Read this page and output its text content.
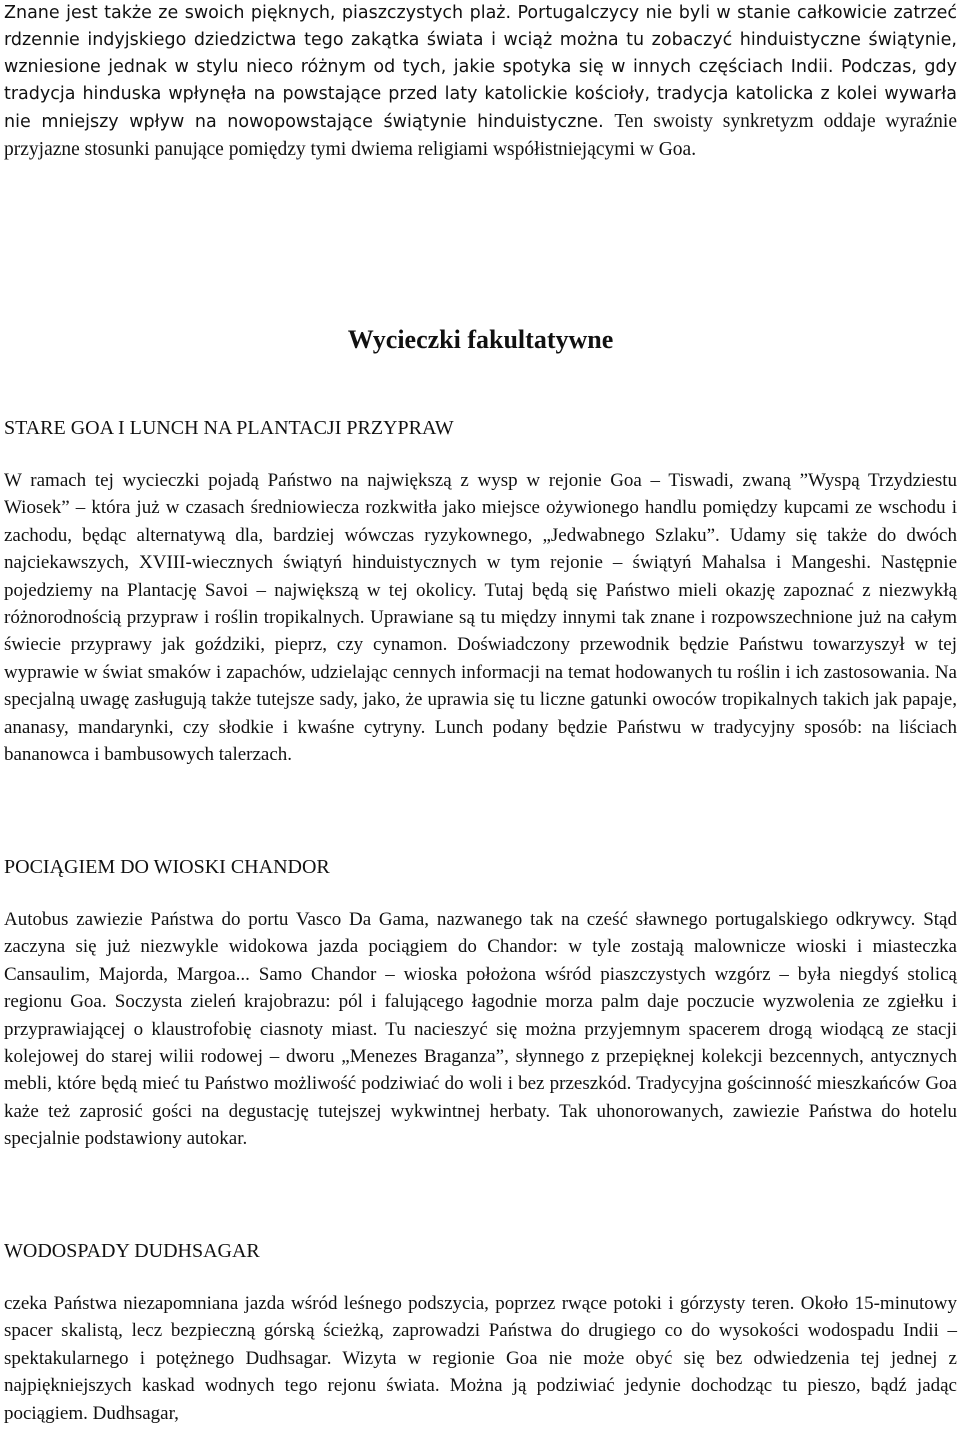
Znane jest także ze swoich pięknych, piaszczystych plaż. Portugalczycy nie byli w stanie całkowicie zatrzeć rdzennie indyjskiego dziedzictwa tego zakątka świata i wciąż można tu zobaczyć hinduistyczne świątynie, wzniesione jednak w stylu nieco różnym od tych, jakie spotyka się w innych częściach Indii. Podczas, gdy tradycja hinduska wpłynęła na powstające przed laty katolickie kościoły, tradycja katolicka z kolei wywarła nie mniejszy wpływ na nowopowstające świątynie hinduistyczne. Ten swoisty synkretyzm oddaje wyraźnie przyjazne stosunki panujące pomiędzy tymi dwiema religiami współistniejącymi w Goa.

Wycieczki fakultatywne

STARE GOA I LUNCH NA PLANTACJI PRZYPRAW

W ramach tej wycieczki pojadą Państwo na największą z wysp w rejonie Goa – Tiswadi, zwaną ”Wyspą Trzydziestu Wiosek” – która już w czasach średniowiecza rozkwitła jako miejsce ożywionego handlu pomiędzy kupcami ze wschodu i zachodu, będąc alternatywą dla, bardziej wówczas ryzykownego, „Jedwabnego Szlaku”. Udamy się także do dwóch najciekawszych, XVIII-wiecznych świątyń hinduistycznych w tym rejonie – świątyń Mahalsa i Mangeshi. Następnie pojedziemy na Plantację Savoi – największą w tej okolicy. Tutaj będą się Państwo mieli okazję zapoznać z niezwykłą różnorodnością przypraw i roślin tropikalnych. Uprawiane są tu między innymi tak znane i rozpowszechnione już na całym świecie przyprawy jak goździki, pieprz, czy cynamon. Doświadczony przewodnik będzie Państwu towarzyszył w tej wyprawie w świat smaków i zapachów, udzielając cennych informacji na temat hodowanych tu roślin i ich zastosowania. Na specjalną uwagę zasługują także tutejsze sady, jako, że uprawia się tu liczne gatunki owoców tropikalnych takich jak papaje, ananasy, mandarynki, czy słodkie i kwaśne cytryny. Lunch podany będzie Państwu w tradycyjny sposób: na liściach bananowca i bambusowych talerzach.

POCIĄGIEM DO WIOSKI CHANDOR

Autobus zawiezie Państwa do portu Vasco Da Gama, nazwanego tak na cześć sławnego portugalskiego odkrywcy. Stąd zaczyna się już niezwykle widokowa jazda pociągiem do Chandor: w tyle zostają malownicze wioski i miasteczka Cansaulim, Majorda, Margoa... Samo Chandor – wioska położona wśród piaszczystych wzgórz – była niegdyś stolicą regionu Goa. Soczysta zieleń krajobrazu: pól i falującego łagodnie morza palm daje poczucie wyzwolenia ze zgiełku i przyprawiającej o klaustrofobię ciasnoty miast. Tu nacieszyć się można przyjemnym spacerem drogą wiodącą ze stacji kolejowej do starej wilii rodowej – dworu „Menezes Braganza”, słynnego z przepięknej kolekcji bezcennych, antycznych mebli, które będą mieć tu Państwo możliwość podziwiać do woli i bez przeszkód. Tradycyjna gościnność mieszkańców Goa każe też zaprosić gości na degustację tutejszej wykwintnej herbaty. Tak uhonorowanych, zawiezie Państwa do hotelu specjalnie podstawiony autokar.

WODOSPADY DUDHSAGAR

czeka Państwa niezapomniana jazda wśród leśnego podszycia, poprzez rwące potoki i górzysty teren. Około 15-minutowy spacer skalistą, lecz bezpieczną górską ścieżką, zaprowadzi Państwa do drugiego co do wysokości wodospadu Indii – spektakularnego i potężnego Dudhsagar. Wizyta w regionie Goa nie może obyć się bez odwiedzenia tej jednej z najpiękniejszych kaskad wodnych tego rejonu świata. Można ją podziwiać jedynie dochodząc tu pieszo, bądź jadąc pociągiem. Dudhsagar,
